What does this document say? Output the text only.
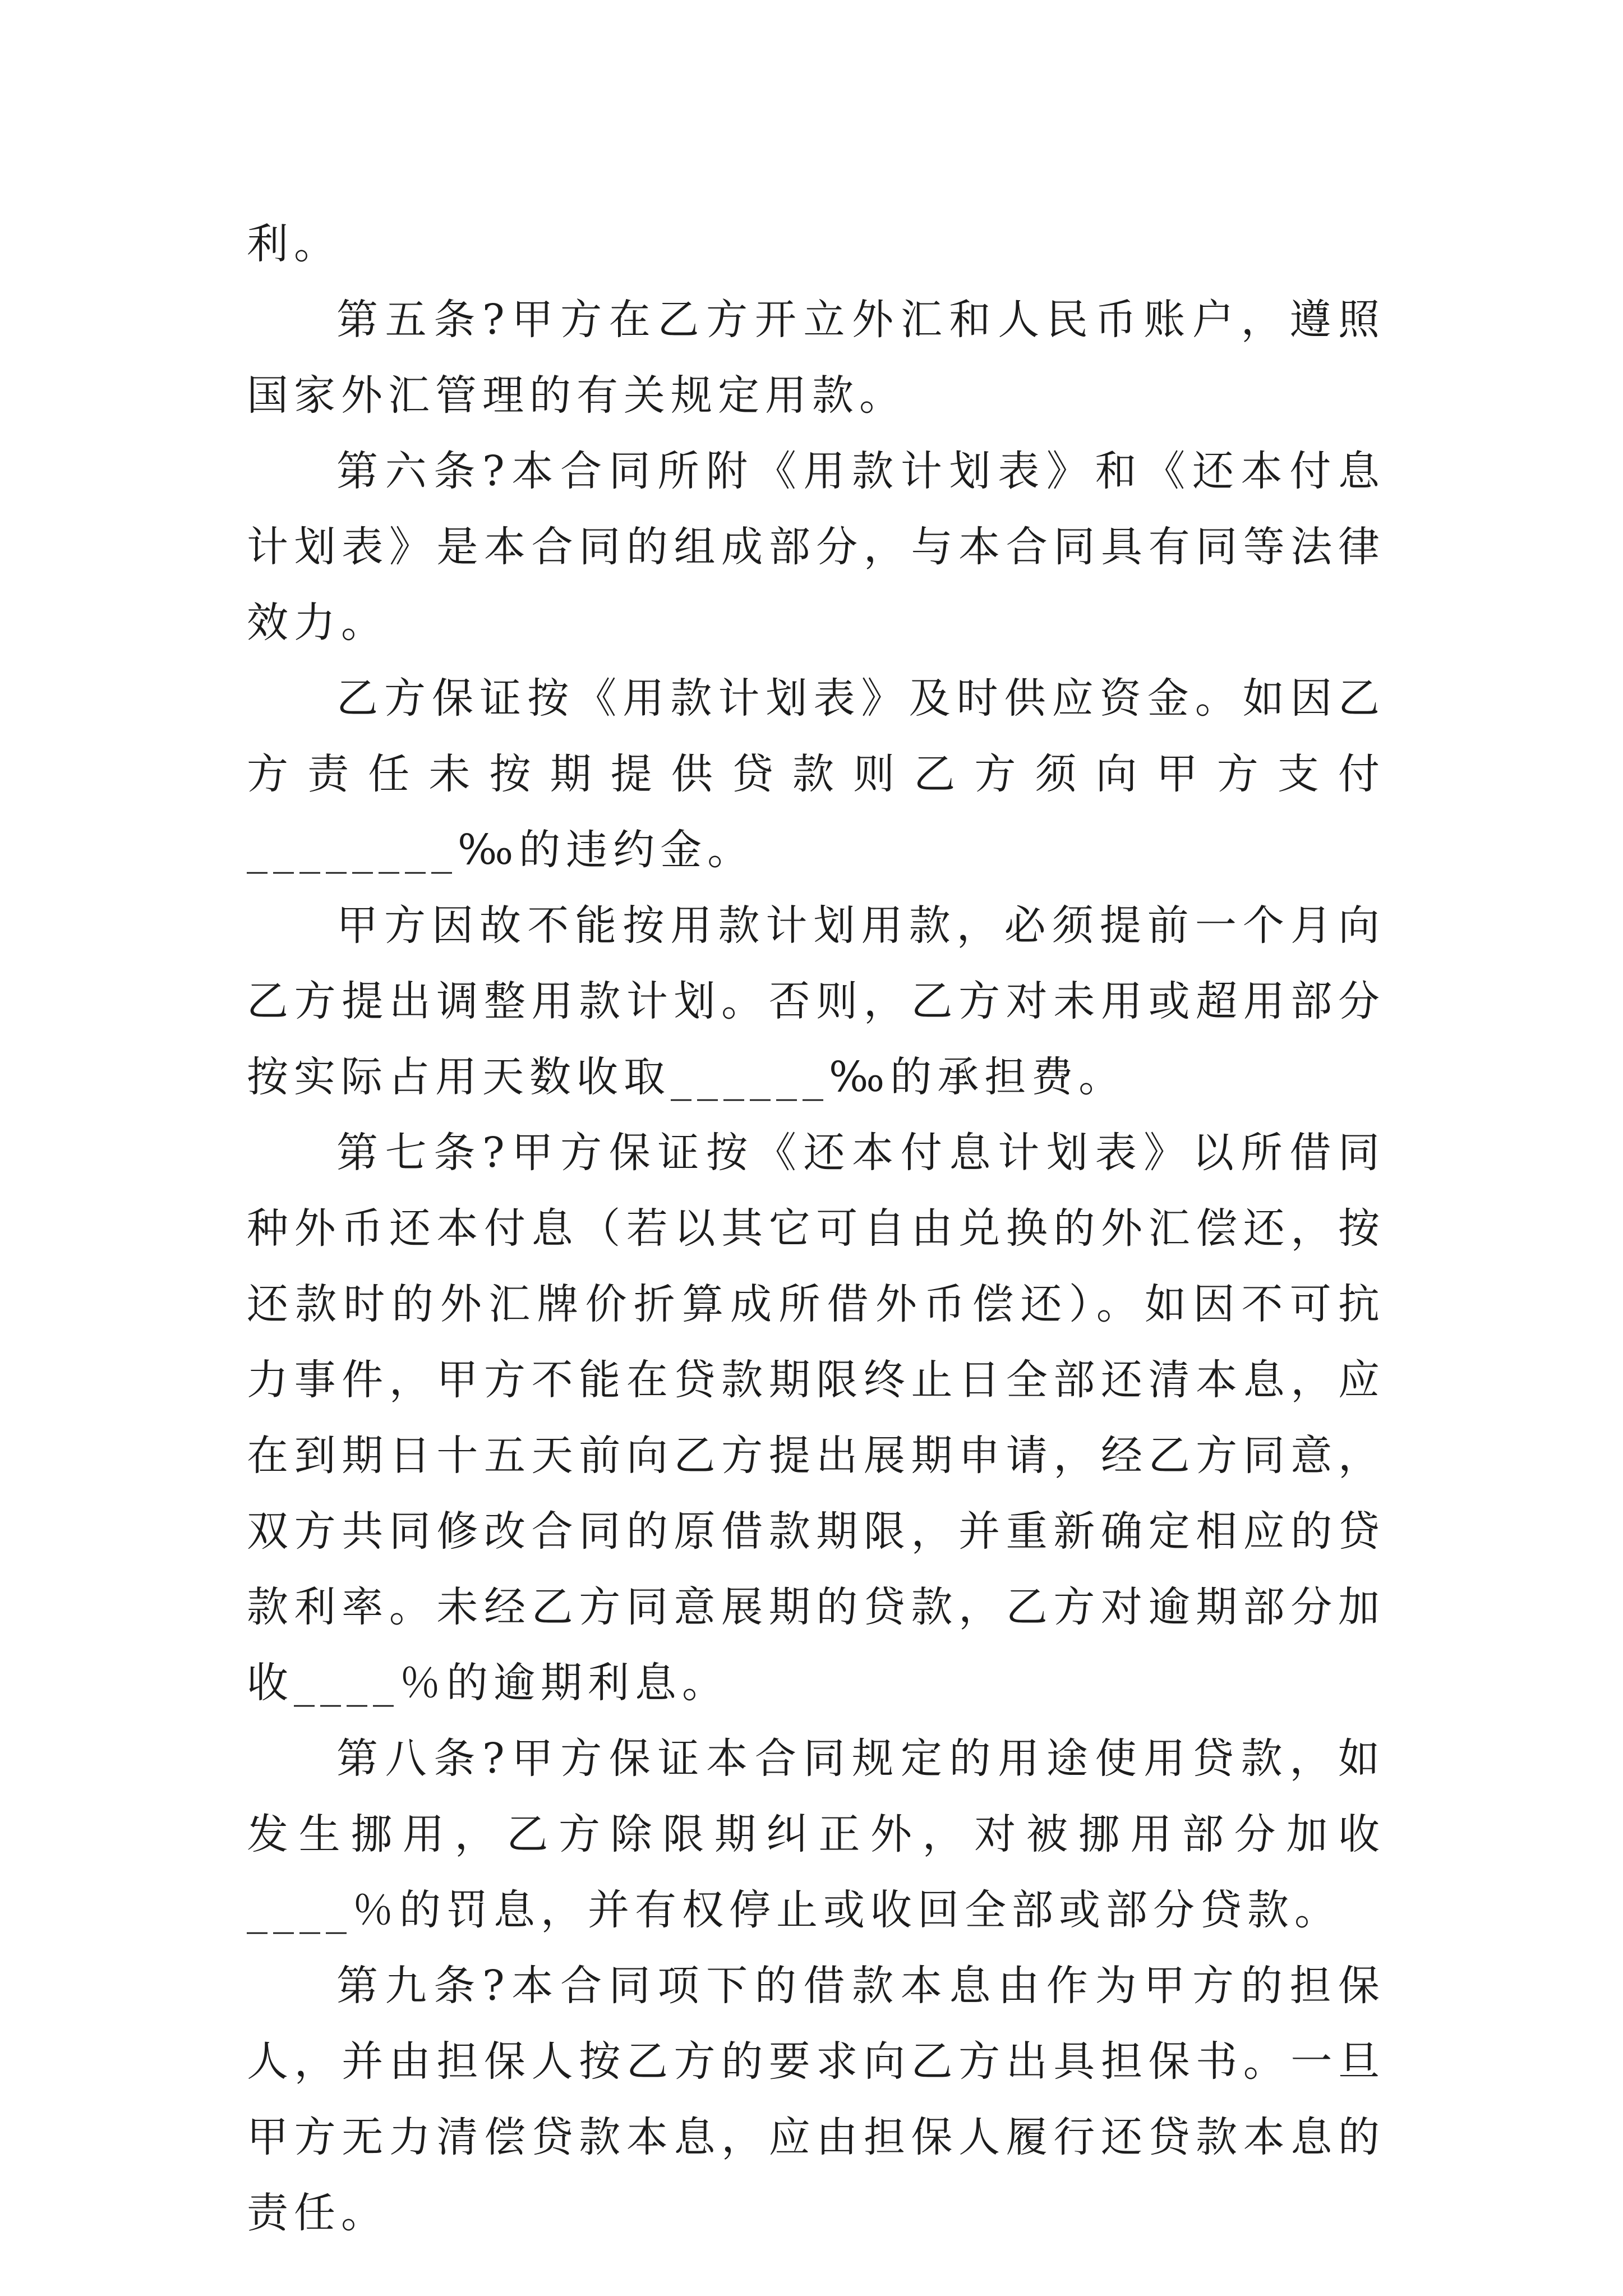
利。

第五条?甲方在乙方开立外汇和人民币账户，遵照国家外汇管理的有关规定用款。

第六条?本合同所附《用款计划表》和《还本付息计划表》是本合同的组成部分，与本合同具有同等法律效力。

乙方保证按《用款计划表》及时供应资金。如因乙方责任未按期提供贷款则乙方须向甲方支付________‰的违约金。

甲方因故不能按用款计划用款，必须提前一个月向乙方提出调整用款计划。否则，乙方对未用或超用部分按实际占用天数收取______‰的承担费。

第七条?甲方保证按《还本付息计划表》以所借同种外币还本付息（若以其它可自由兑换的外汇偿还，按还款时的外汇牌价折算成所借外币偿还）。如因不可抗力事件，甲方不能在贷款期限终止日全部还清本息，应在到期日十五天前向乙方提出展期申请，经乙方同意，双方共同修改合同的原借款期限，并重新确定相应的贷款利率。未经乙方同意展期的贷款，乙方对逾期部分加收____％的逾期利息。

第八条?甲方保证本合同规定的用途使用贷款，如发生挪用，乙方除限期纠正外，对被挪用部分加收____％的罚息，并有权停止或收回全部或部分贷款。

第九条?本合同项下的借款本息由作为甲方的担保人，并由担保人按乙方的要求向乙方出具担保书。一旦甲方无力清偿贷款本息，应由担保人履行还贷款本息的责任。
